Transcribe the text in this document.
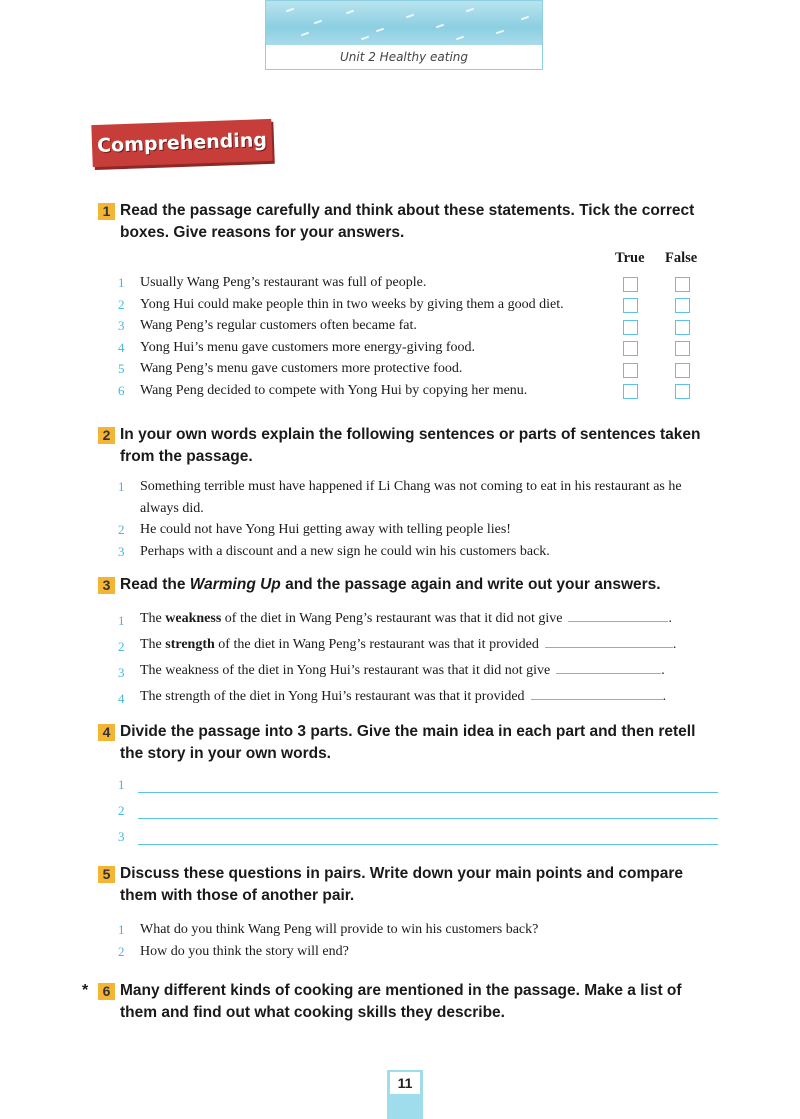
Unit 2 Healthy eating
Comprehending
1 Read the passage carefully and think about these statements. Tick the correct boxes. Give reasons for your answers.
True False
1 Usually Wang Peng’s restaurant was full of people.
2 Yong Hui could make people thin in two weeks by giving them a good diet.
3 Wang Peng’s regular customers often became fat.
4 Yong Hui’s menu gave customers more energy-giving food.
5 Wang Peng’s menu gave customers more protective food.
6 Wang Peng decided to compete with Yong Hui by copying her menu.
2 In your own words explain the following sentences or parts of sentences taken from the passage.
1 Something terrible must have happened if Li Chang was not coming to eat in his restaurant as he always did.
2 He could not have Yong Hui getting away with telling people lies!
3 Perhaps with a discount and a new sign he could win his customers back.
3 Read the Warming Up and the passage again and write out your answers.
1 The weakness of the diet in Wang Peng’s restaurant was that it did not give	.
2 The strength of the diet in Wang Peng’s restaurant was that it provided	.
3 The weakness of the diet in Yong Hui’s restaurant was that it did not give	.
4 The strength of the diet in Yong Hui’s restaurant was that it provided	.
4 Divide the passage into 3 parts. Give the main idea in each part and then retell the story in your own words.
1
2
3
5 Discuss these questions in pairs. Write down your main points and compare them with those of another pair.
1 What do you think Wang Peng will provide to win his customers back?
2 How do you think the story will end?
*	6 Many different kinds of cooking are mentioned in the passage. Make a list of them and find out what cooking skills they describe.
11
